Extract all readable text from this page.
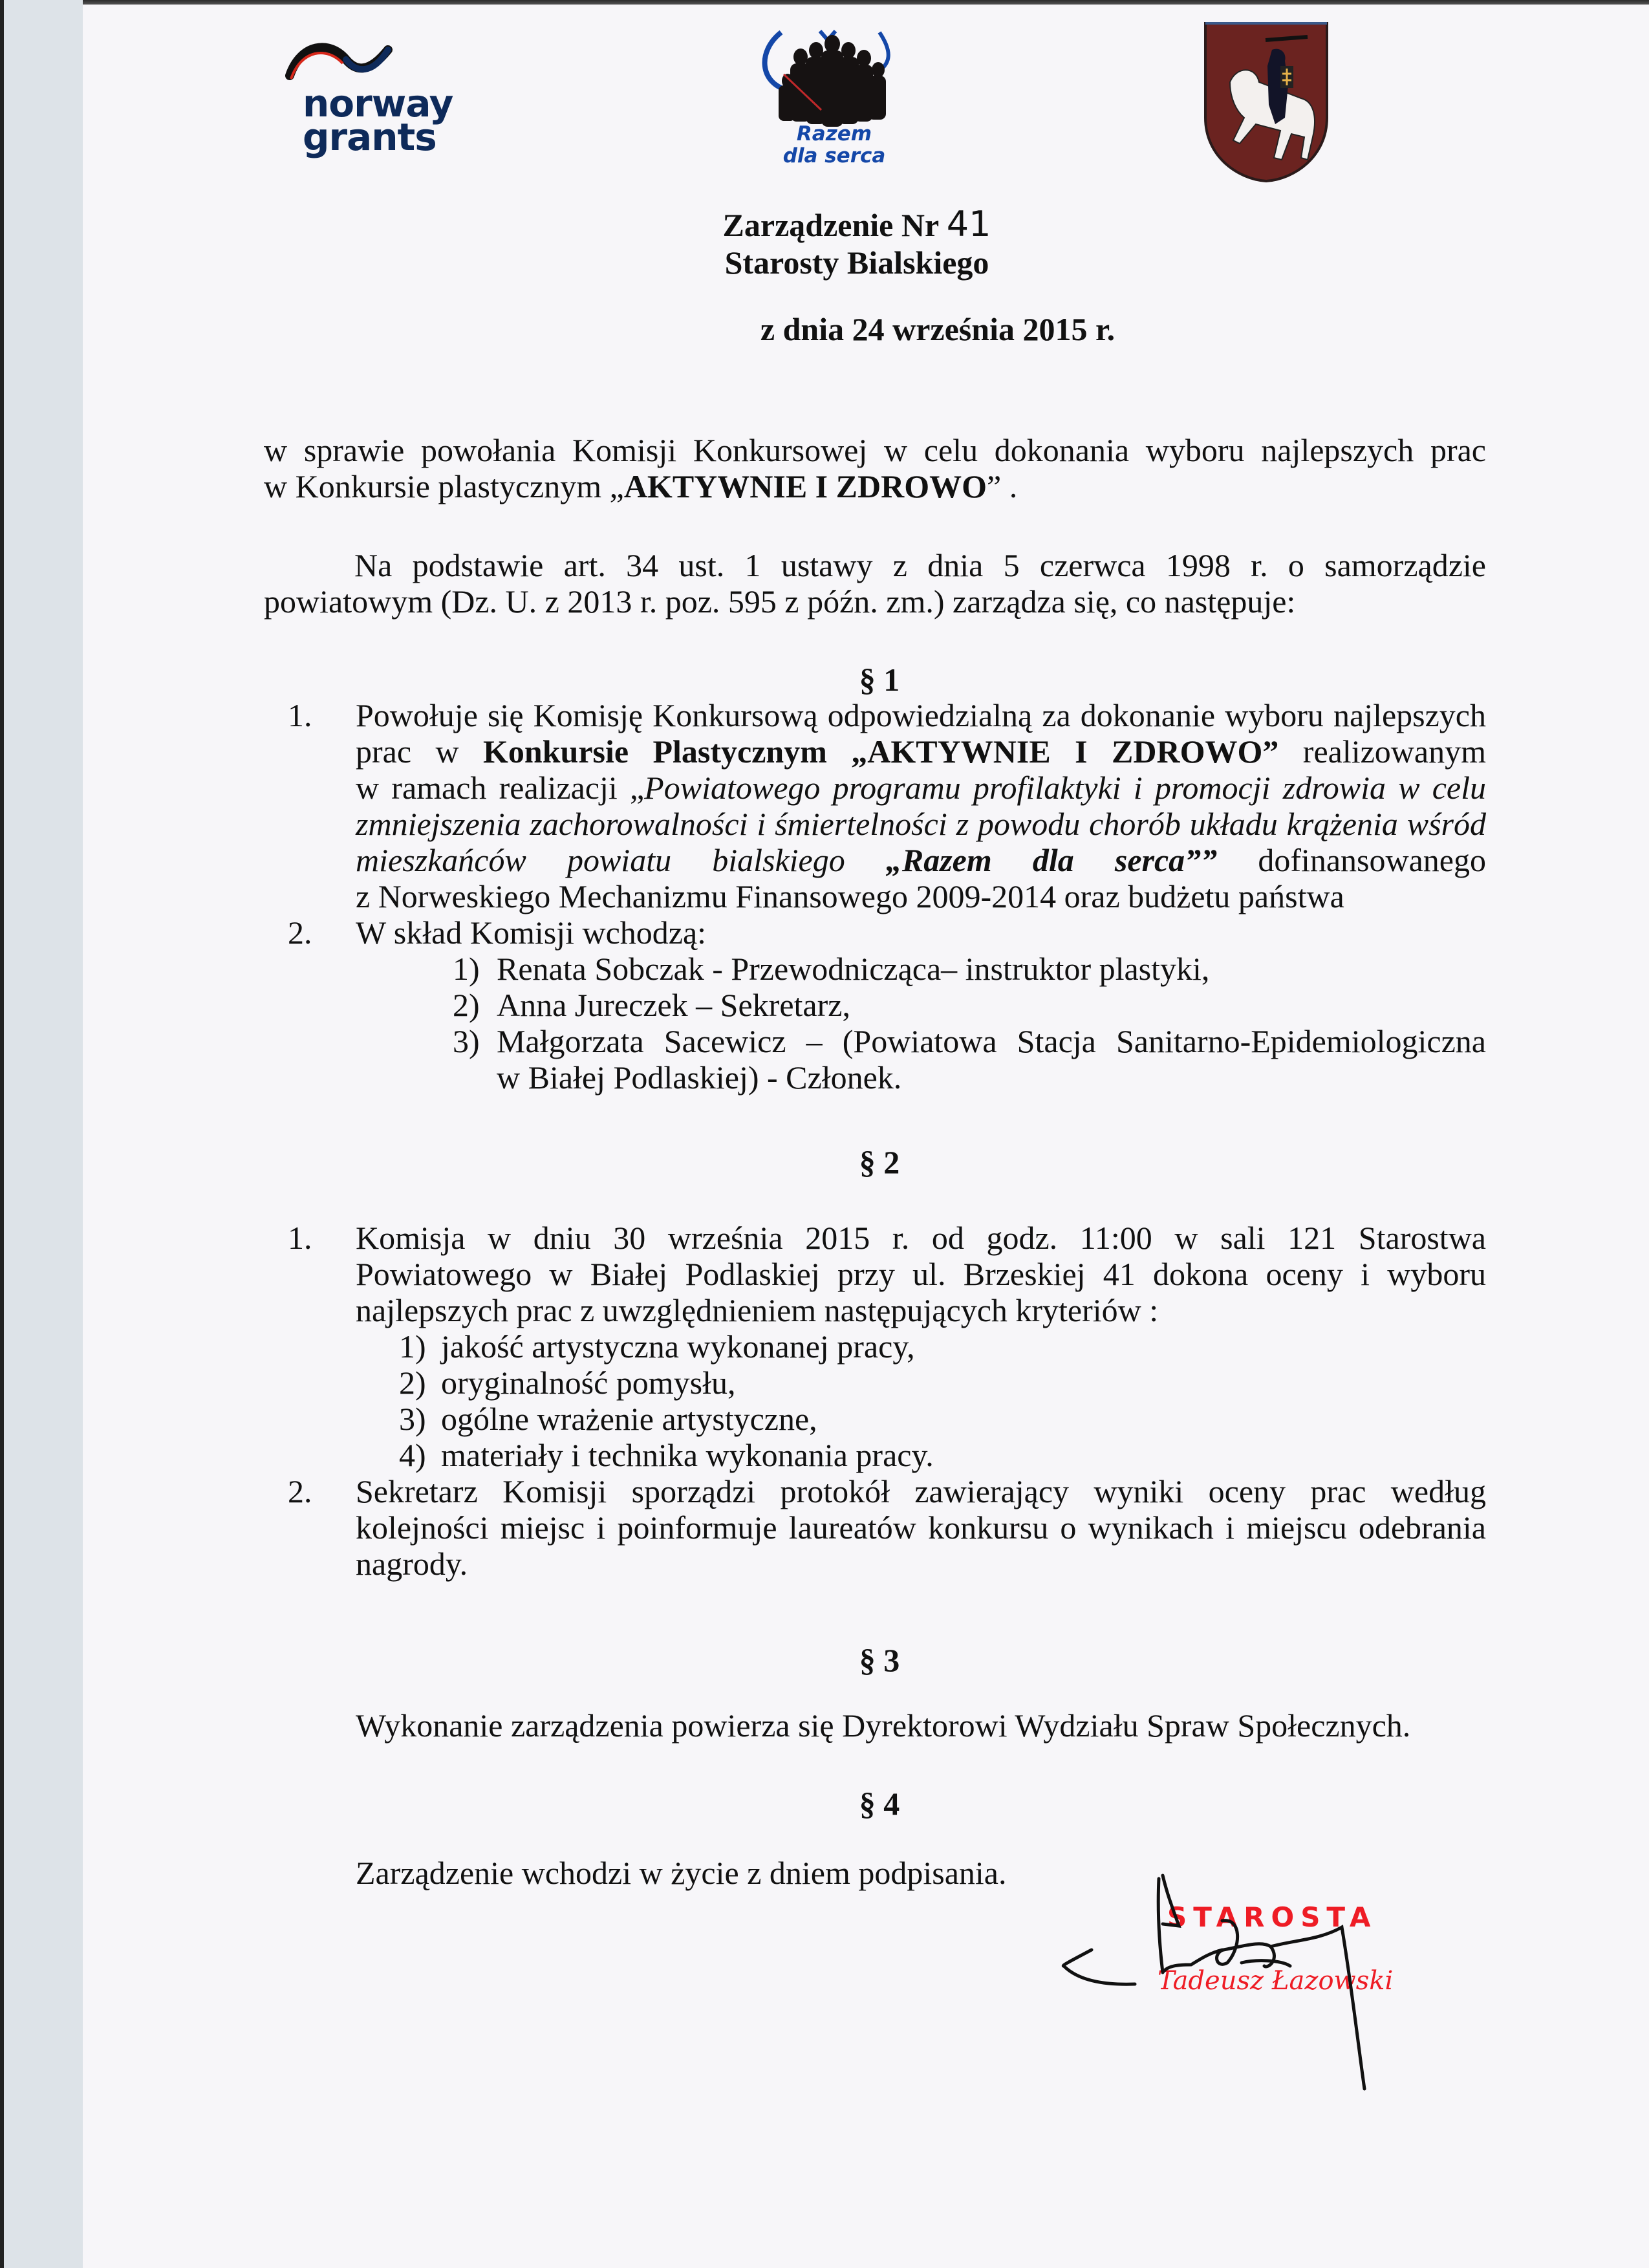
norway
grants	Razem
dla serca
Zarządzenie Nr 41
Starosty Bialskiego
z dnia 24 września 2015 r.
w sprawie powołania Komisji Konkursowej w celu dokonania wyboru najlepszych prac
w Konkursie plastycznym „AKTYWNIE I ZDROWO” .
Na podstawie art. 34 ust. 1 ustawy z dnia 5 czerwca 1998 r. o samorządzie
powiatowym (Dz. U. z 2013 r. poz. 595 z późn. zm.) zarządza się, co następuje:
§ 1
1. Powołuje się Komisję Konkursową odpowiedzialną za dokonanie wyboru najlepszych
prac w Konkursie Plastycznym „AKTYWNIE I ZDROWO” realizowanym
w ramach realizacji „Powiatowego programu profilaktyki i promocji zdrowia w celu
zmniejszenia zachorowalności i śmiertelności z powodu chorób układu krążenia wśród
mieszkańców powiatu bialskiego „Razem dla serca”” dofinansowanego
z Norweskiego Mechanizmu Finansowego 2009-2014 oraz budżetu państwa
2. W skład Komisji wchodzą:
1) Renata Sobczak - Przewodnicząca– instruktor plastyki,
2) Anna Jureczek – Sekretarz,
3) Małgorzata Sacewicz – (Powiatowa Stacja Sanitarno-Epidemiologiczna
w Białej Podlaskiej) - Członek.
§ 2
1. Komisja w dniu 30 września 2015 r. od godz. 11:00 w sali 121 Starostwa
Powiatowego w Białej Podlaskiej przy ul. Brzeskiej 41 dokona oceny i wyboru
najlepszych prac z uwzględnieniem następujących kryteriów :
1) jakość artystyczna wykonanej pracy,
2) oryginalność pomysłu,
3) ogólne wrażenie artystyczne,
4) materiały i technika wykonania pracy.
2. Sekretarz Komisji sporządzi protokół zawierający wyniki oceny prac według
kolejności miejsc i poinformuje laureatów konkursu o wynikach i miejscu odebrania
nagrody.
§ 3
Wykonanie zarządzenia powierza się Dyrektorowi Wydziału Spraw Społecznych.
§ 4
Zarządzenie wchodzi w życie z dniem podpisania.
STAROSTA
Tadeusz Łazowski
